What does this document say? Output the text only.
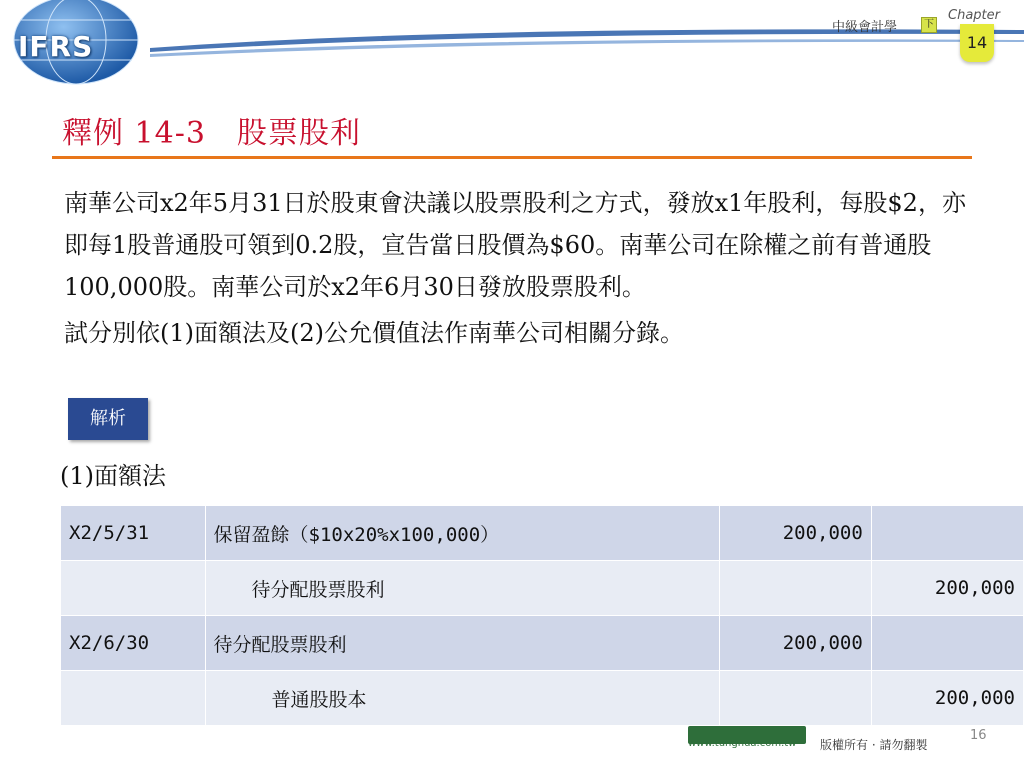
IFRS
中級會計學	下
Chapter
14
釋例 14-3　股票股利

南華公司x2年5月31日於股東會決議以股票股利之方式，發放x1年股利，每股$2，亦即每1股普通股可領到0.2股，宣告當日股價為$60。南華公司在除權之前有普通股100,000股。南華公司於x2年6月30日發放股票股利。

試分別依(1)面額法及(2)公允價值法作南華公司相關分錄。

解析
(1)面額法
X2/5/31	保留盈餘（$10x20%x100,000）	200,000	
	待分配股票股利		200,000
X2/6/30	待分配股票股利	200,000	
	普通股股本		200,000
www.tunghua.com.tw 版權所有 · 請勿翻製
16
